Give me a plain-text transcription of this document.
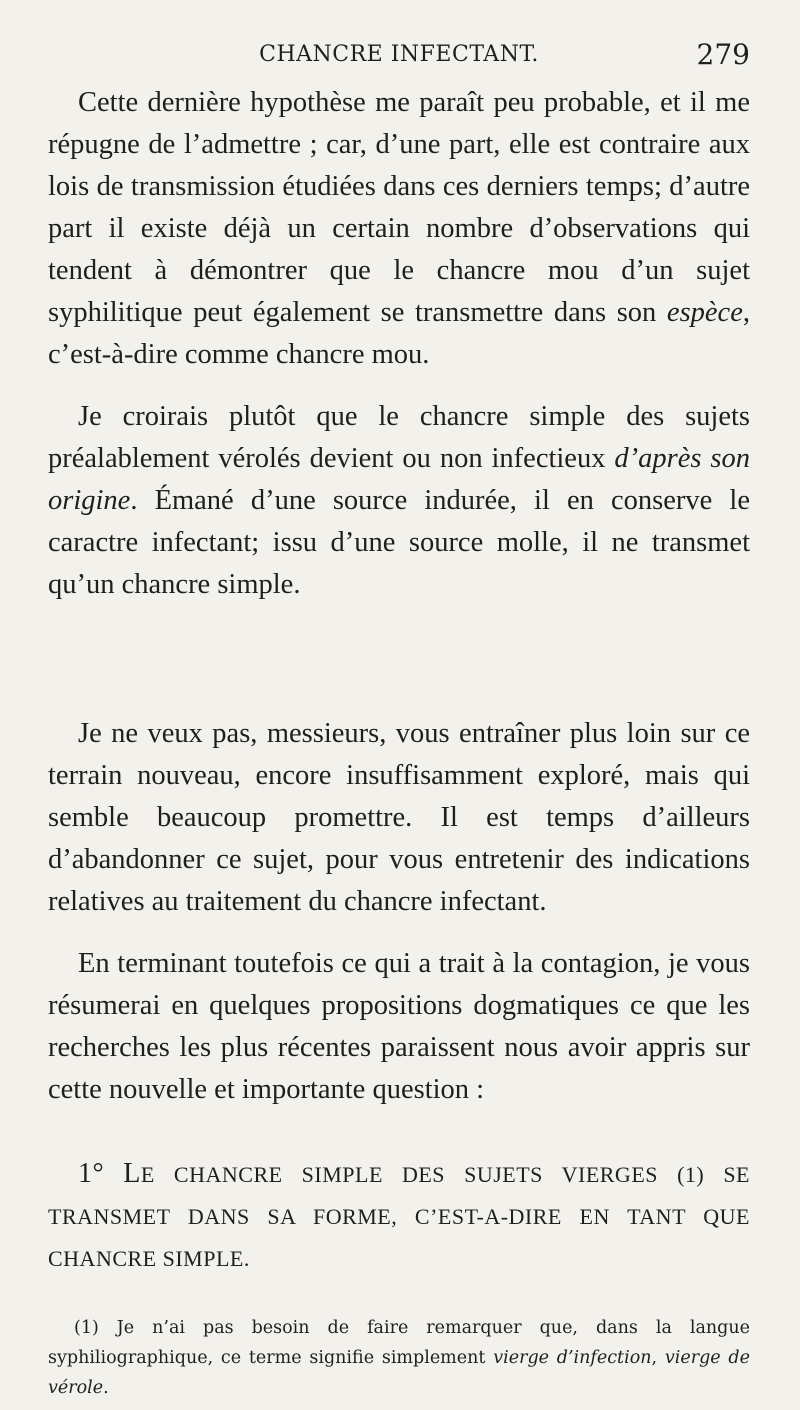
CHANCRE INFECTANT.	279

Cette dernière hypothèse me paraît peu probable, et il me répugne de l’admettre ; car, d’une part, elle est contraire aux lois de transmission étudiées dans ces derniers temps; d’autre part il existe déjà un certain nombre d’observations qui tendent à démontrer que le chancre mou d’un sujet syphilitique peut également se transmettre dans son espèce, c’est-à-dire comme chancre mou.

Je croirais plutôt que le chancre simple des sujets préalablement vérolés devient ou non infectieux d’après son origine. Émané d’une source indurée, il en conserve le caractre infectant; issu d’une source molle, il ne transmet qu’un chancre simple.

Je ne veux pas, messieurs, vous entraîner plus loin sur ce terrain nouveau, encore insuffisamment exploré, mais qui semble beaucoup promettre. Il est temps d’ailleurs d’abandonner ce sujet, pour vous entretenir des indications relatives au traitement du chancre infectant.

En terminant toutefois ce qui a trait à la contagion, je vous résumerai en quelques propositions dogmatiques ce que les recherches les plus récentes paraissent nous avoir appris sur cette nouvelle et importante question :

1° LE CHANCRE SIMPLE DES SUJETS VIERGES (1) SE TRANSMET DANS SA FORME, C’EST-A-DIRE EN TANT QUE CHANCRE SIMPLE.

(1) Je n’ai pas besoin de faire remarquer que, dans la langue syphiliographique, ce terme signifie simplement vierge d’infection, vierge de vérole.
